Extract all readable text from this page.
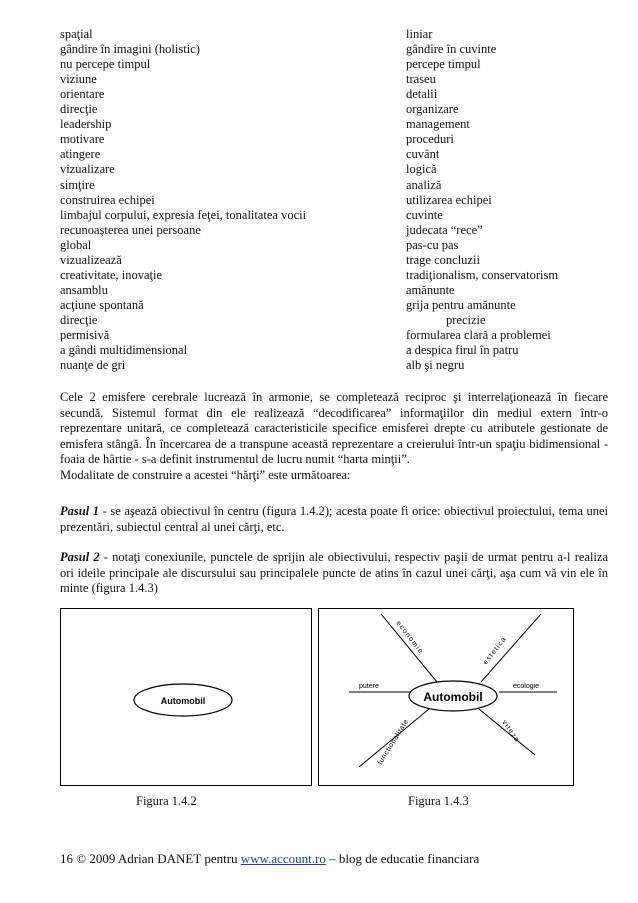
spaţial	liniar
gândire în imagini (holistic)	gândire în cuvinte
nu percepe timpul	percepe timpul
viziune	traseu
orientare	detalii
direcţie	organizare
leadership	management
motivare	proceduri
atingere	cuvânt
vizualizare	logică
simţire	analiză
construirea echipei	utilizarea echipei
limbajul corpului, expresia feţei, tonalitatea vocii	cuvinte
recunoaşterea unei persoane	judecata “rece”
global	pas-cu pas
vizualizează	trage concluzii
creativitate, inovaţie	tradiţionalism, conservatorism
ansamblu	amănunte
acţiune spontană	grija pentru amănunte
direcţie	precizie
permisivă	formularea clară a problemei
a gândi multidimensional	a despica firul în patru
nuanţe de gri	alb şi negru
Cele 2 emisfere cerebrale lucrează în armonie, se completează reciproc şi interrelaţionează în fiecare secundă. Sistemul format din ele realizează “decodificarea” informaţiilor din mediul extern într-o reprezentare unitară, ce completează caracteristicile specifice emisferei drepte cu atributele gestionate de emisfera stângă. În încercarea de a transpune această reprezentare a creierului într-un spaţiu bidimensional - foaia de hârtie - s-a definit instrumentul de lucru numit “harta minţii”.
Modalitate de construire a acestei “hărţi” este următoarea:
Pasul 1 - se aşează obiectivul în centru (figura 1.4.2); acesta poate fi orice: obiectivul proiectului, tema unei prezentări, subiectul central al unei cărţi, etc.
Pasul 2 - notaţi conexiunile, punctele de sprijin ale obiectivului, respectiv paşii de urmat pentru a-l realiza ori ideile principale ale discursului sau principalele puncte de atins în cazul unei cărţi, aşa cum vă vin ele în minte (figura 1.4.3)
Automobil	Automobil
putere	ecologie
economie	estetica
functionalitate	viteza
Figura 1.4.2	Figura 1.4.3
16 © 2009 Adrian DANET pentru www.account.ro – blog de educatie financiara
